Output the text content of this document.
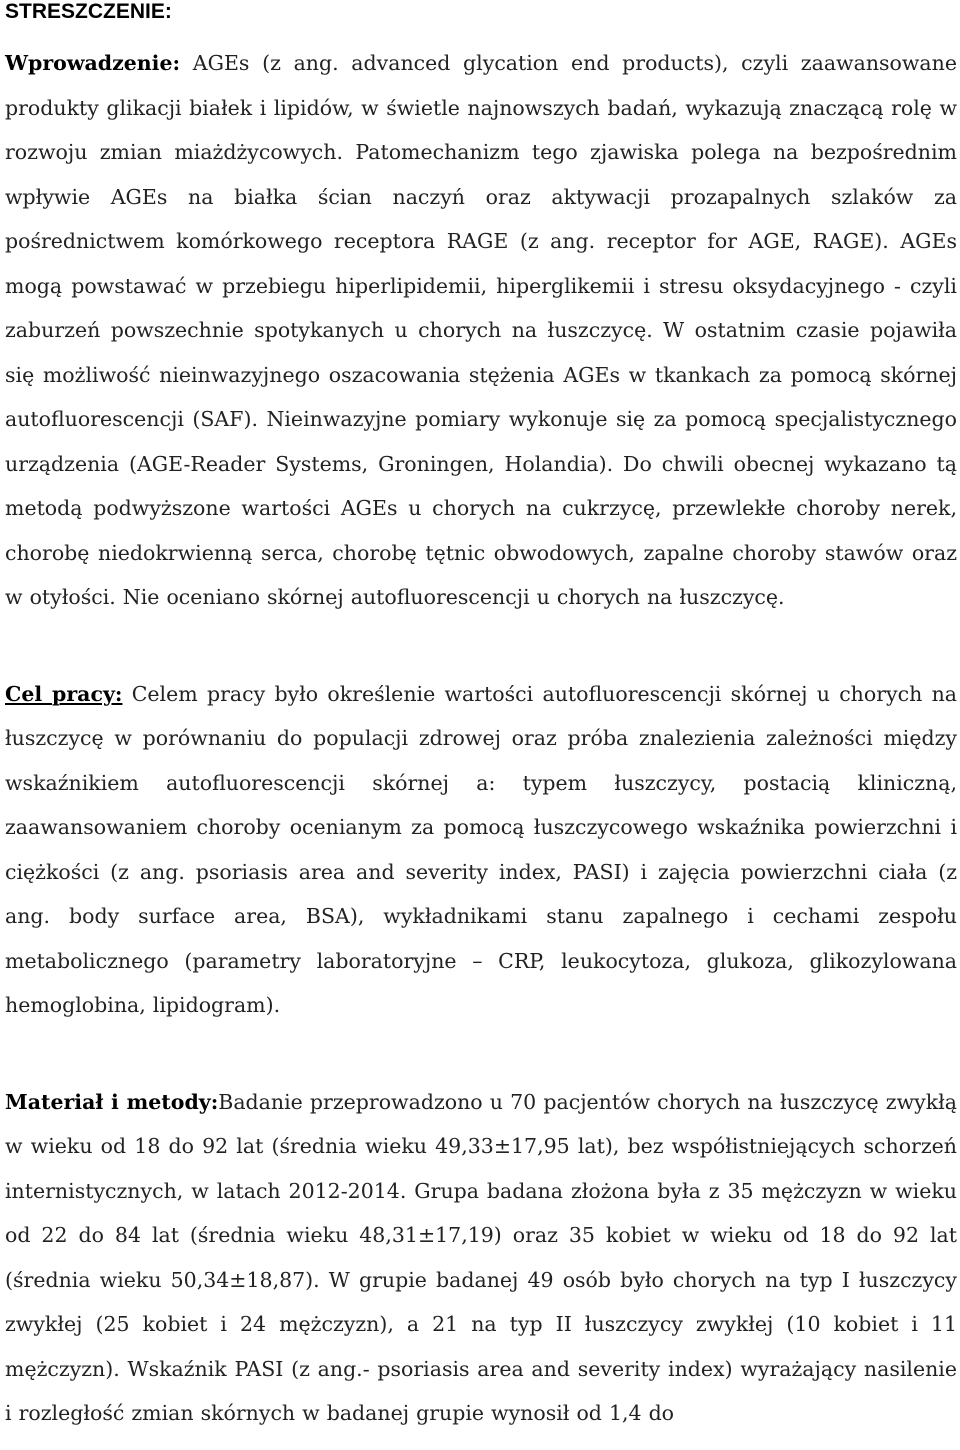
STRESZCZENIE:

Wprowadzenie: AGEs (z ang. advanced glycation end products), czyli zaawansowane produkty glikacji białek i lipidów, w świetle najnowszych badań, wykazują znaczącą rolę w rozwoju zmian miażdżycowych. Patomechanizm tego zjawiska polega na bezpośrednim wpływie AGEs na białka ścian naczyń oraz aktywacji prozapalnych szlaków za pośrednictwem komórkowego receptora RAGE (z ang. receptor for AGE, RAGE). AGEs mogą powstawać w przebiegu hiperlipidemii, hiperglikemii i stresu oksydacyjnego - czyli zaburzeń powszechnie spotykanych u chorych na łuszczycę. W ostatnim czasie pojawiła się możliwość nieinwazyjnego oszacowania stężenia AGEs w tkankach za pomocą skórnej autofluorescencji (SAF). Nieinwazyjne pomiary wykonuje się za pomocą specjalistycznego urządzenia (AGE-Reader Systems, Groningen, Holandia). Do chwili obecnej wykazano tą metodą podwyższone wartości AGEs u chorych na cukrzycę, przewlekłe choroby nerek, chorobę niedokrwienną serca, chorobę tętnic obwodowych, zapalne choroby stawów oraz w otyłości. Nie oceniano skórnej autofluorescencji u chorych na łuszczycę.

Cel pracy: Celem pracy było określenie wartości autofluorescencji skórnej u chorych na łuszczycę w porównaniu do populacji zdrowej oraz próba znalezienia zależności między wskaźnikiem autofluorescencji skórnej a: typem łuszczycy, postacią kliniczną, zaawansowaniem choroby ocenianym za pomocą łuszczycowego wskaźnika powierzchni i ciężkości (z ang. psoriasis area and severity index, PASI) i zajęcia powierzchni ciała (z ang. body surface area, BSA), wykładnikami stanu zapalnego i cechami zespołu metabolicznego (parametry laboratoryjne – CRP, leukocytoza, glukoza, glikozylowana hemoglobina, lipidogram).

Materiał i metody:Badanie przeprowadzono u 70 pacjentów chorych na łuszczycę zwykłą w wieku od 18 do 92 lat (średnia wieku 49,33±17,95 lat), bez współistniejących schorzeń internistycznych, w latach 2012-2014. Grupa badana złożona była z 35 mężczyzn w wieku od 22 do 84 lat (średnia wieku 48,31±17,19) oraz 35 kobiet w wieku od 18 do 92 lat (średnia wieku 50,34±18,87). W grupie badanej 49 osób było chorych na typ I łuszczycy zwykłej (25 kobiet i 24 mężczyzn), a 21 na typ II łuszczycy zwykłej (10 kobiet i 11 mężczyzn). Wskaźnik PASI (z ang.- psoriasis area and severity index) wyrażający nasilenie i rozległość zmian skórnych w badanej grupie wynosił od 1,4 do
